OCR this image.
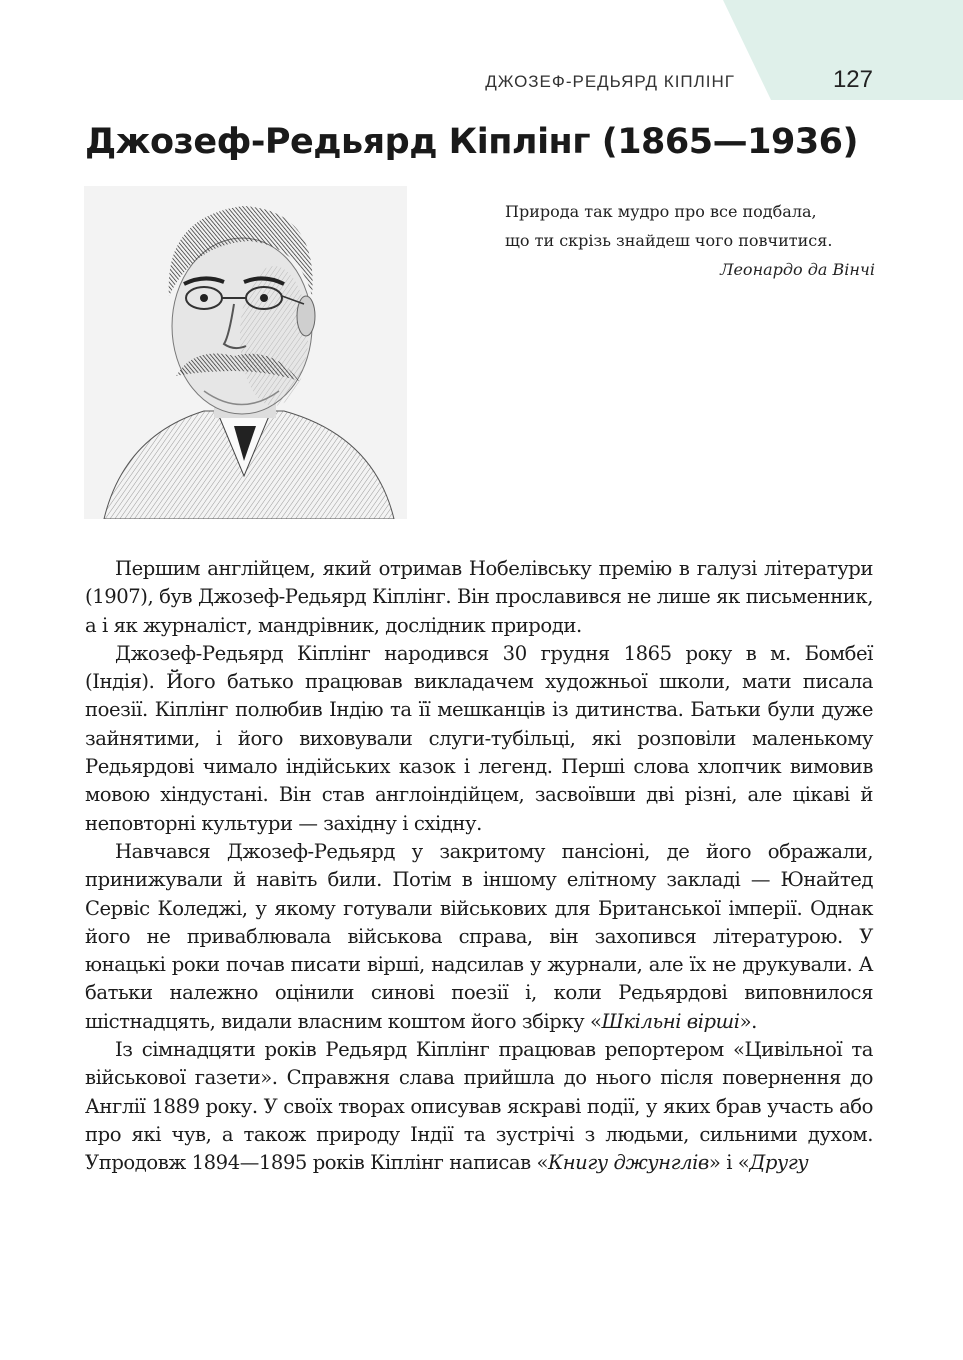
ДЖОЗЕФ-РЕДЬЯРД КІПЛІНГ	127
Джозеф-Редьярд Кіплінг (1865—1936)

Природа так мудро про все подбала,

що ти скрізь знайдеш чого повчитися.

Леонардо да Вінчі

Першим англійцем, який отримав Нобелівську премію в галузі літератури (1907), був Джозеф-Редьярд Кіплінг. Він прославився не лише як письменник, а і як журналіст, мандрівник, дослідник природи.

Джозеф-Редьярд Кіплінг народився 30 грудня 1865 року в м. Бомбеї (Індія). Його батько працював викладачем художньої школи, мати писала поезії. Кіплінг полюбив Індію та її мешканців із дитинства. Батьки були дуже зайнятими, і його виховували слуги-тубільці, які розповіли маленькому Редьярдові чимало індійських казок і легенд. Перші слова хлопчик вимовив мовою хіндустані. Він став англоіндійцем, засвоївши дві різні, але цікаві й неповторні культури — західну і східну.

Навчався Джозеф-Редьярд у закритому пансіоні, де його ображали, принижували й навіть били. Потім в іншому елітному закладі — Юнайтед Сервіс Коледжі, у якому готували військових для Британської імперії. Однак його не приваблювала військова справа, він захопився літературою. У юнацькі роки почав писати вірші, надсилав у журнали, але їх не друкували. А батьки належно оцінили синові поезії і, коли Редьярдові виповнилося шістнадцять, видали власним коштом його збірку «Шкільні вірші».

Із сімнадцяти років Редьярд Кіплінг працював репортером «Цивільної та військової газети». Справжня слава прийшла до нього після повернення до Англії 1889 року. У своїх творах описував яскраві події, у яких брав участь або про які чув, а також природу Індії та зустрічі з людьми, сильними духом. Упродовж 1894—1895 років Кіплінг написав «Книгу джунглів» і «Другу
